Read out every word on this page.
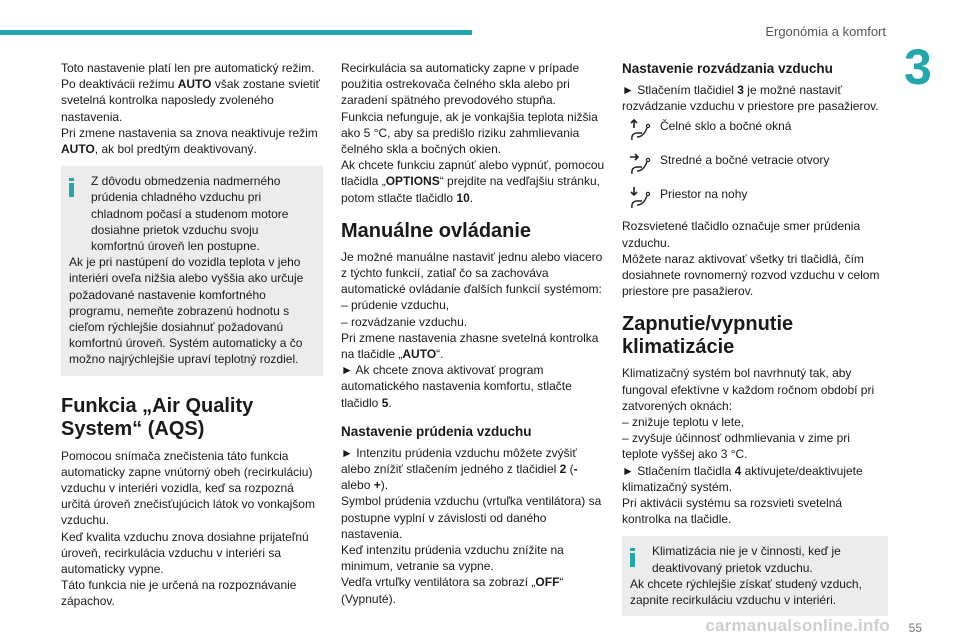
Ergonómia a komfort
3

Toto nastavenie platí len pre automatický režim.
Po deaktivácii režimu AUTO však zostane svietiť svetelná kontrolka naposledy zvoleného nastavenia.
Pri zmene nastavenia sa znova neaktivuje režim AUTO, ak bol predtým deaktivovaný.

Z dôvodu obmedzenia nadmerného prúdenia chladného vzduchu pri chladnom počasí a studenom motore dosiahne prietok vzduchu svoju komfortnú úroveň len postupne.

Ak je pri nastúpení do vozidla teplota v jeho interiéri oveľa nižšia alebo vyššia ako určuje požadované nastavenie komfortného programu, nemeňte zobrazenú hodnotu s cieľom rýchlejšie dosiahnuť požadovanú komfortnú úroveň. Systém automaticky a čo možno najrýchlejšie upraví teplotný rozdiel.

Funkcia „Air Quality System“ (AQS)

Pomocou snímača znečistenia táto funkcia automaticky zapne vnútorný obeh (recirkuláciu) vzduchu v interiéri vozidla, keď sa rozpozná určitá úroveň znečisťujúcich látok vo vonkajšom vzduchu.
Keď kvalita vzduchu znova dosiahne prijateľnú úroveň, recirkulácia vzduchu v interiéri sa automaticky vypne.
Táto funkcia nie je určená na rozpoznávanie zápachov.

Recirkulácia sa automaticky zapne v prípade použitia ostrekovača čelného skla alebo pri zaradení spätného prevodového stupňa.
Funkcia nefunguje, ak je vonkajšia teplota nižšia ako 5 °C, aby sa predišlo riziku zahmlievania čelného skla a bočných okien.
Ak chcete funkciu zapnúť alebo vypnúť, pomocou tlačidla „OPTIONS“ prejdite na vedľajšiu stránku, potom stlačte tlačidlo 10.

Manuálne ovládanie

Je možné manuálne nastaviť jednu alebo viacero z týchto funkcií, zatiaľ čo sa zachováva automatické ovládanie ďalších funkcií systémom:
– prúdenie vzduchu,
– rozvádzanie vzduchu.
Pri zmene nastavenia zhasne svetelná kontrolka na tlačidle „AUTO“.
► Ak chcete znova aktivovať program automatického nastavenia komfortu, stlačte tlačidlo 5.

Nastavenie prúdenia vzduchu

► Intenzitu prúdenia vzduchu môžete zvýšiť alebo znížiť stlačením jedného z tlačidiel 2 (- alebo +).
Symbol prúdenia vzduchu (vrtuľka ventilátora) sa postupne vyplní v závislosti od daného nastavenia.
Keď intenzitu prúdenia vzduchu znížite na minimum, vetranie sa vypne.
Vedľa vrtuľky ventilátora sa zobrazí „OFF“ (Vypnuté).

Nastavenie rozvádzania vzduchu

► Stlačením tlačidiel 3 je možné nastaviť rozvádzanie vzduchu v priestore pre pasažierov.

Čelné sklo a bočné okná
Stredné a bočné vetracie otvory
Priestor na nohy

Rozsvietené tlačidlo označuje smer prúdenia vzduchu.
Môžete naraz aktivovať všetky tri tlačidlá, čím dosiahnete rovnomerný rozvod vzduchu v celom priestore pre pasažierov.

Zapnutie/vypnutie klimatizácie

Klimatizačný systém bol navrhnutý tak, aby fungoval efektívne v každom ročnom období pri zatvorených oknách:
– znižuje teplotu v lete,
– zvyšuje účinnosť odhmlievania v zime pri teplote vyššej ako 3 °C.
► Stlačením tlačidla 4 aktivujete/deaktivujete klimatizačný systém.
Pri aktivácii systému sa rozsvieti svetelná kontrolka na tlačidle.

Klimatizácia nie je v činnosti, keď je deaktivovaný prietok vzduchu.

Ak chcete rýchlejšie získať studený vzduch, zapnite recirkuláciu vzduchu v interiéri.

carmanualsonline.info 55
